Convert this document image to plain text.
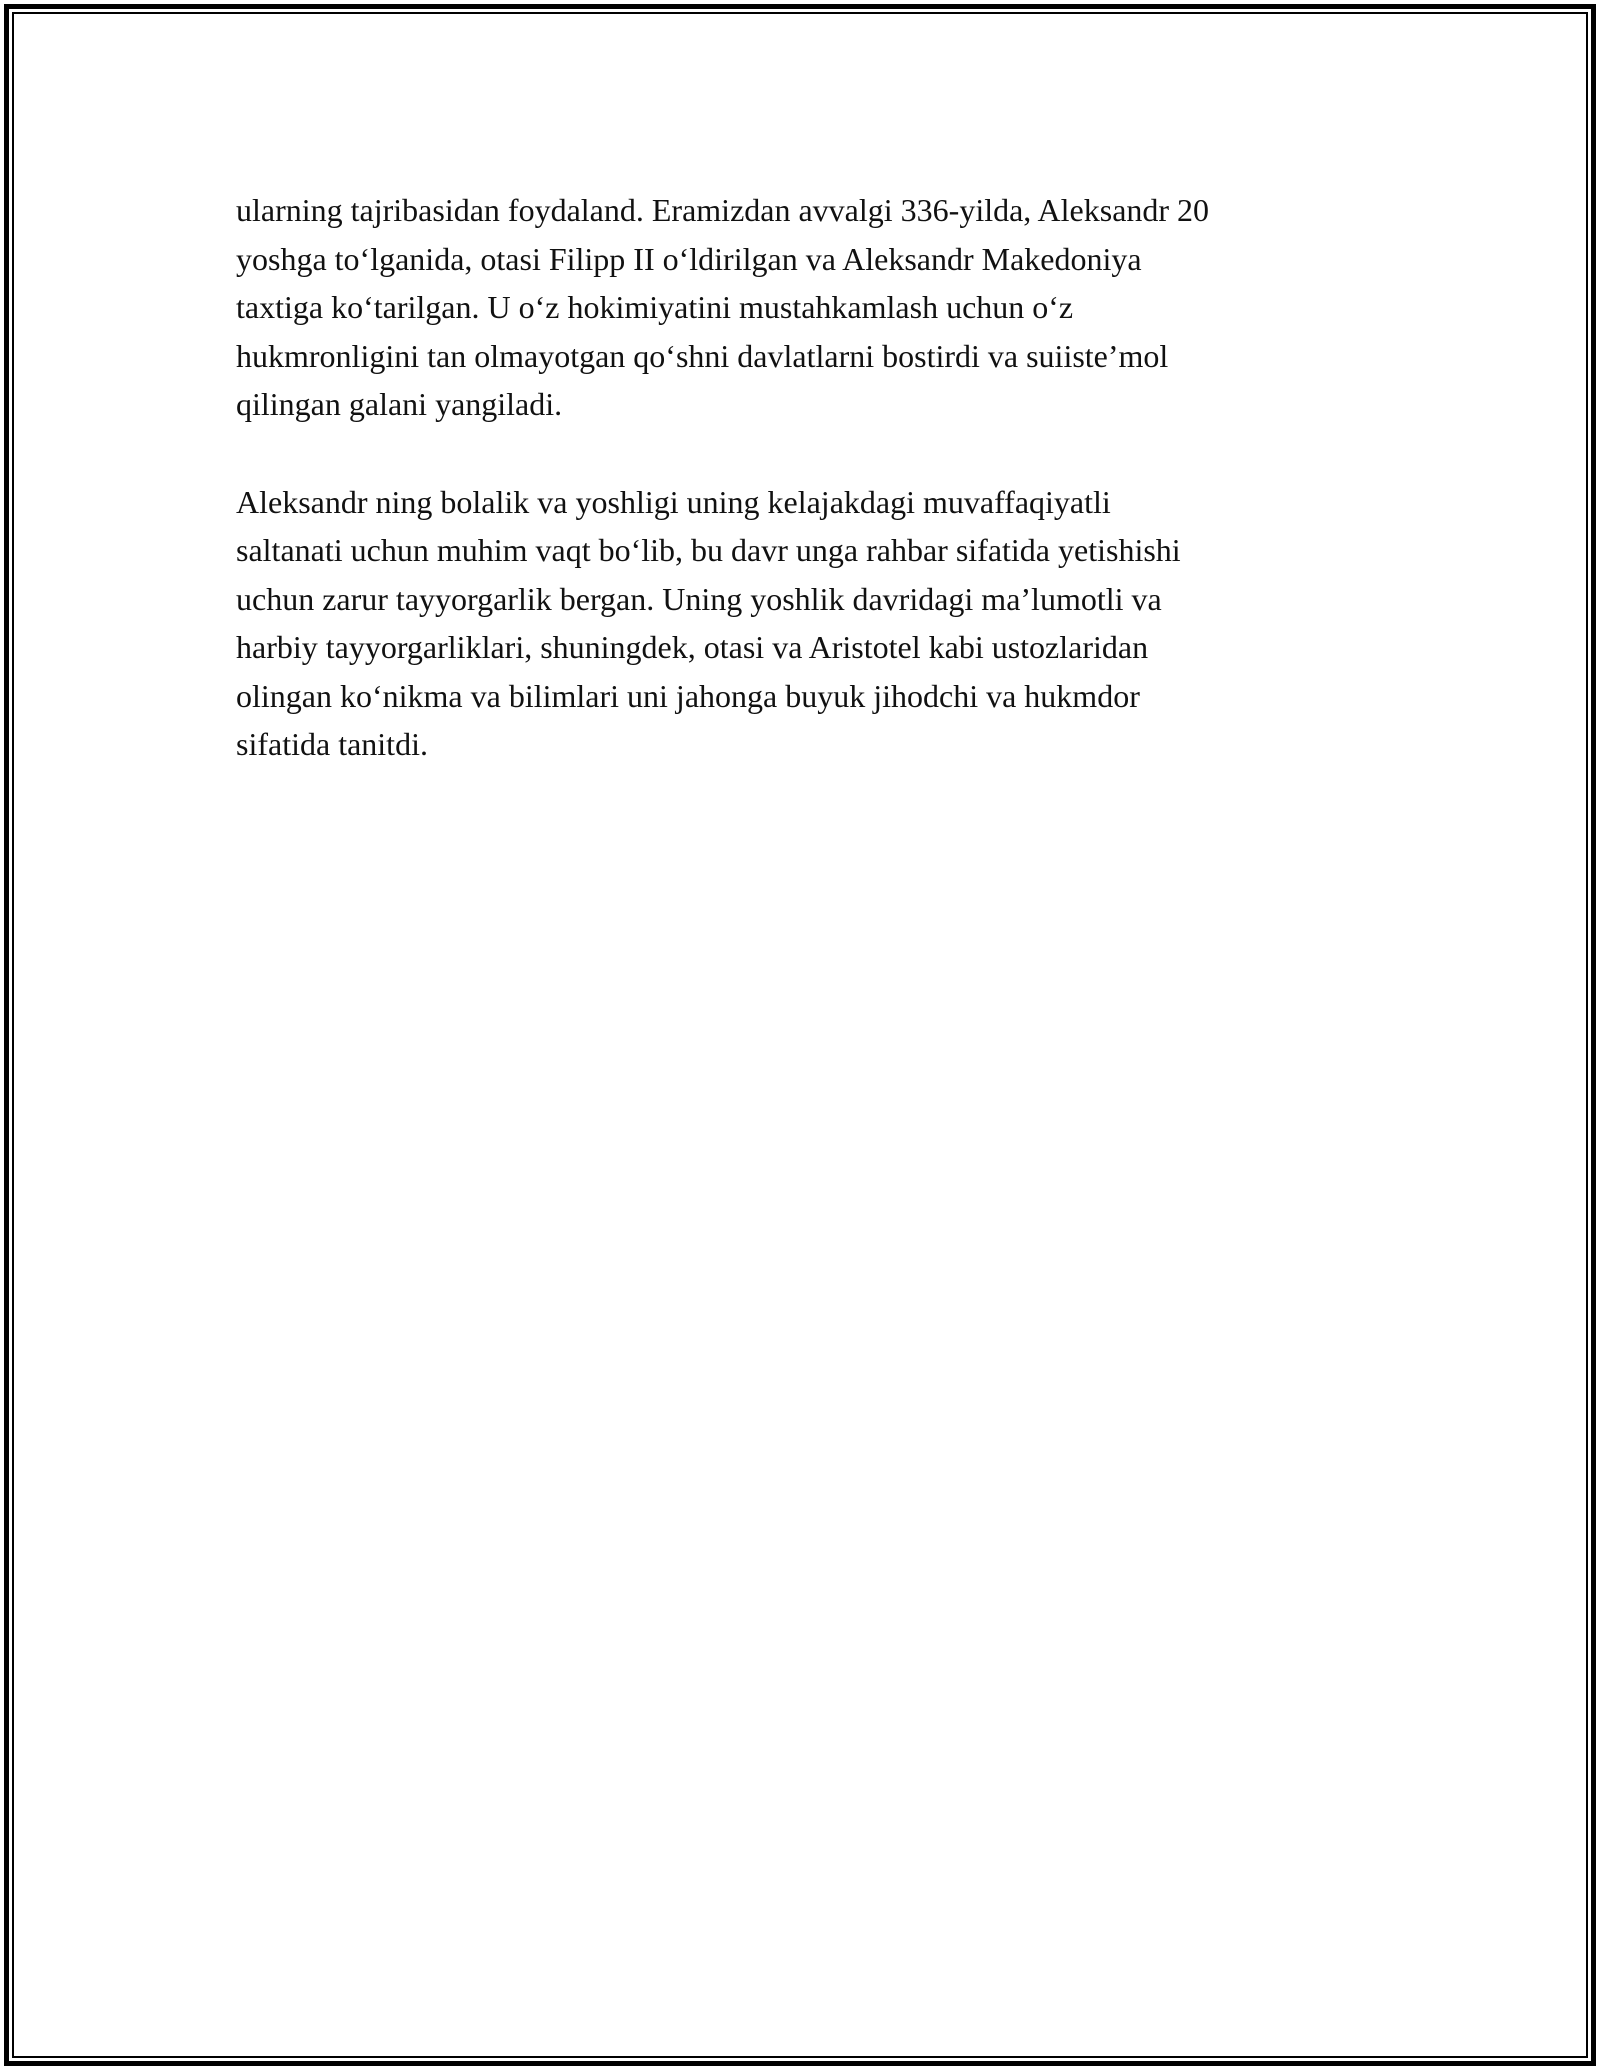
ularning tajribasidan foydaland. Eramizdan avvalgi 336-yilda, Aleksandr 20
yoshga to‘lganida, otasi Filipp II o‘ldirilgan va Aleksandr Makedoniya
taxtiga ko‘tarilgan. U o‘z hokimiyatini mustahkamlash uchun o‘z
hukmronligini tan olmayotgan qo‘shni davlatlarni bostirdi va suiiste’mol
qilingan galani yangiladi.

Aleksandr ning bolalik va yoshligi uning kelajakdagi muvaffaqiyatli
saltanati uchun muhim vaqt bo‘lib, bu davr unga rahbar sifatida yetishishi
uchun zarur tayyorgarlik bergan. Uning yoshlik davridagi ma’lumotli va
harbiy tayyorgarliklari, shuningdek, otasi va Aristotel kabi ustozlaridan
olingan ko‘nikma va bilimlari uni jahonga buyuk jihodchi va hukmdor
sifatida tanitdi.
